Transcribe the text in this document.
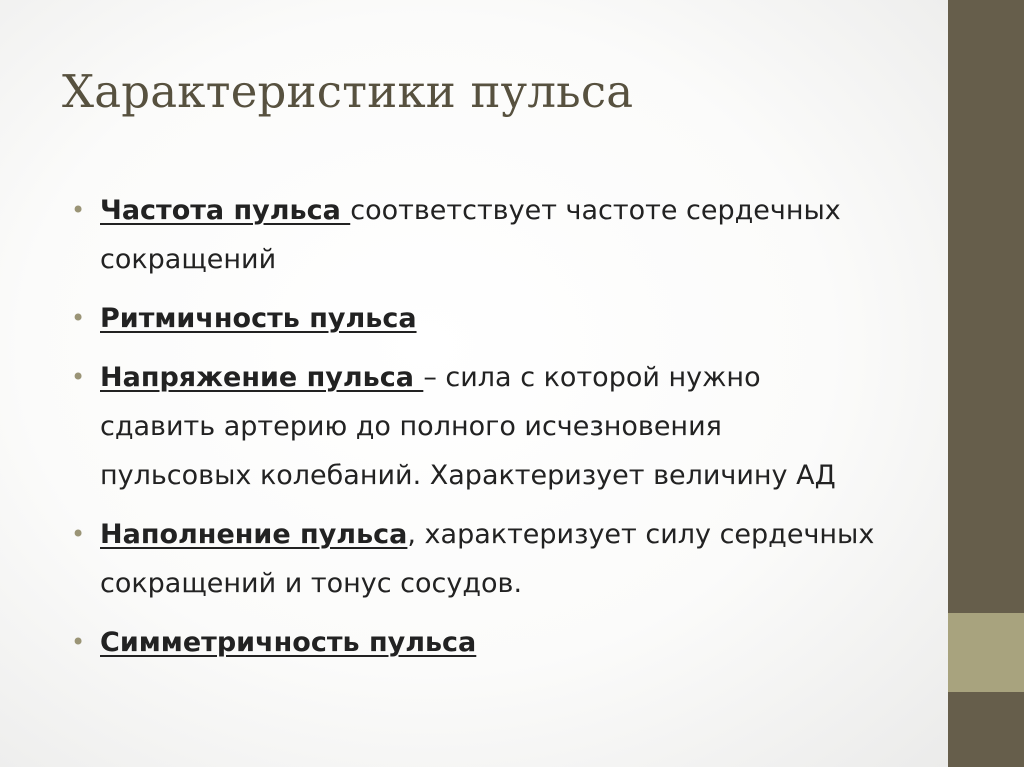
Характеристики пульса
• Частота пульса соответствует частоте сердечных сокращений
• Ритмичность пульса
• Напряжение пульса – сила с которой нужно сдавить артерию до полного исчезновения пульсовых колебаний. Характеризует величину АД
• Наполнение пульса, характеризует силу сердечных сокращений и тонус сосудов.
• Симметричность пульса
